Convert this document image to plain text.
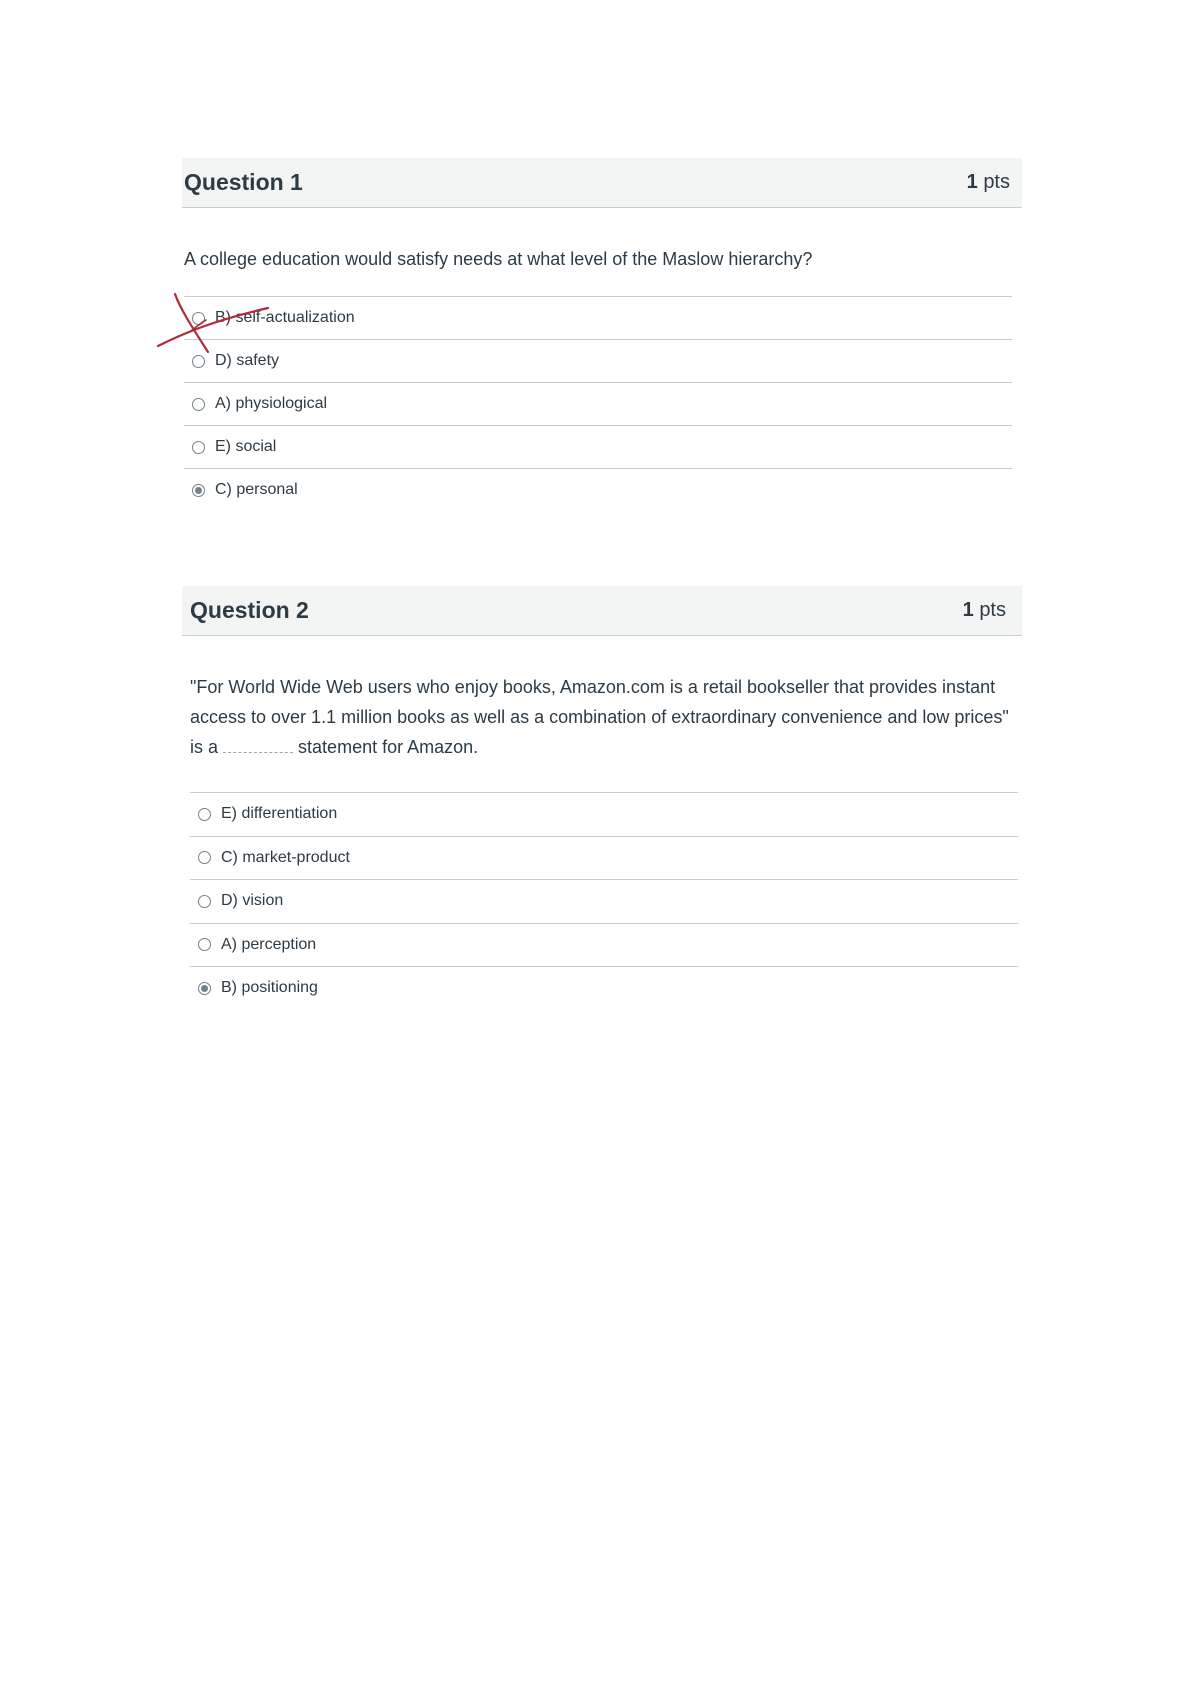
Question 1	1 pts
A college education would satisfy needs at what level of the Maslow hierarchy?
B) self-actualization
D) safety
A) physiological
E) social
C) personal
Question 2	1 pts
"For World Wide Web users who enjoy books, Amazon.com is a retail bookseller that provides instant access to over 1.1 million books as well as a combination of extraordinary convenience and low prices" is a	statement for Amazon.
E) differentiation
C) market-product
D) vision
A) perception
B) positioning
